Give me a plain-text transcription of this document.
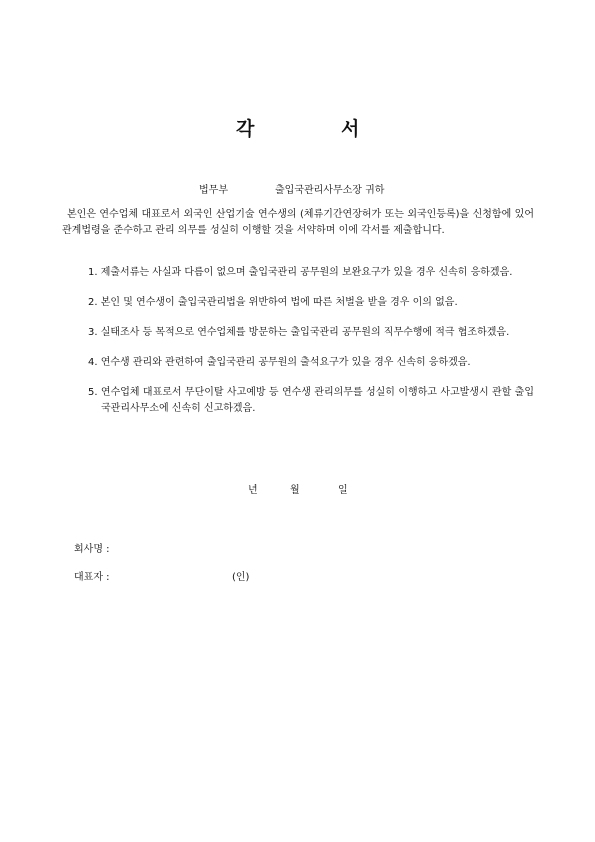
각	서
법무부	출입국관리사무소장 귀하

본인은 연수업체 대표로서 외국인 산업기술 연수생의 (체류기간연장허가 또는 외국인등록)을 신청함에 있어 관계법령을 준수하고 관리 의무를 성실히 이행할 것을 서약하며 이에 각서를 제출합니다.

1. 제출서류는 사실과 다름이 없으며 출입국관리 공무원의 보완요구가 있을 경우 신속히 응하겠음.
2. 본인 및 연수생이 출입국관리법을 위반하여 법에 따른 처벌을 받을 경우 이의 없음.
3. 실태조사 등 목적으로 연수업체를 방문하는 출입국관리 공무원의 직무수행에 적극 협조하겠음.
4. 연수생 관리와 관련하여 출입국관리 공무원의 출석요구가 있을 경우 신속히 응하겠음.
5. 연수업체 대표로서 무단이탈 사고예방 등 연수생 관리의무를 성실히 이행하고 사고발생시 관할 출입국관리사무소에 신속히 신고하겠음.
년	월	일
회사명 :
대표자 :	(인)
